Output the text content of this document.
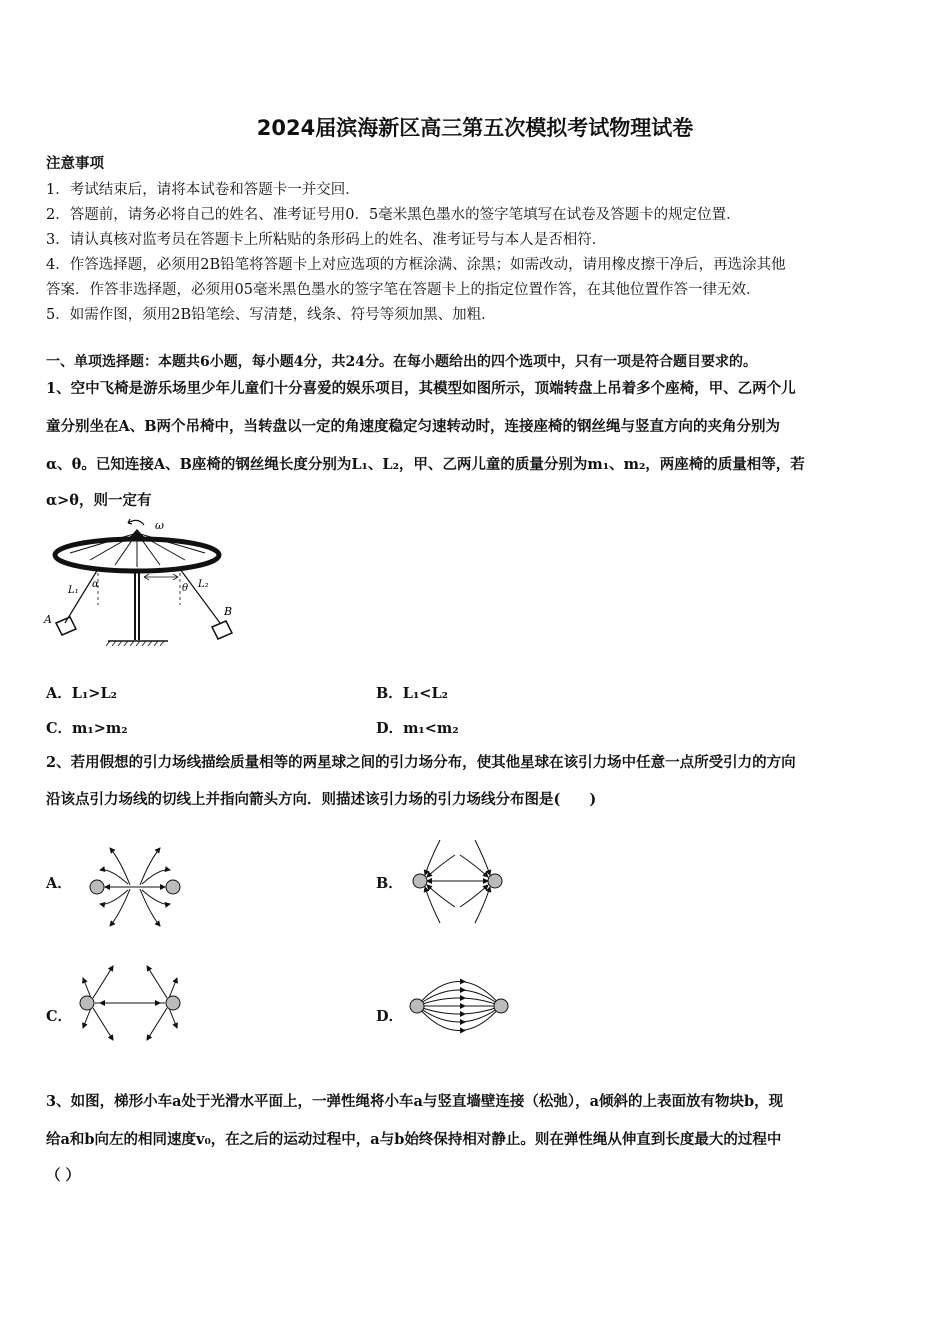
2024届滨海新区高三第五次模拟考试物理试卷
注意事项
1．考试结束后，请将本试卷和答题卡一并交回．
2．答题前，请务必将自己的姓名、准考证号用0．5毫米黑色墨水的签字笔填写在试卷及答题卡的规定位置．
3．请认真核对监考员在答题卡上所粘贴的条形码上的姓名、准考证号与本人是否相符．
4．作答选择题，必须用2B铅笔将答题卡上对应选项的方框涂满、涂黑；如需改动，请用橡皮擦干净后，再选涂其他
答案．作答非选择题，必须用05毫米黑色墨水的签字笔在答题卡上的指定位置作答，在其他位置作答一律无效．
5．如需作图，须用2B铅笔绘、写清楚，线条、符号等须加黑、加粗．
一、单项选择题：本题共6小题，每小题4分，共24分。在每小题给出的四个选项中，只有一项是符合题目要求的。
1、空中飞椅是游乐场里少年儿童们十分喜爱的娱乐项目，其模型如图所示，顶端转盘上吊着多个座椅，甲、乙两个儿
童分别坐在A、B两个吊椅中，当转盘以一定的角速度稳定匀速转动时，连接座椅的钢丝绳与竖直方向的夹角分别为
α、θ。已知连接A、B座椅的钢丝绳长度分别为L₁、L₂，甲、乙两儿童的质量分别为m₁、m₂，两座椅的质量相等，若
α>θ，则一定有
ω
L₁
α	θ L₂
A
B
A．L₁>L₂	B．L₁<L₂
C．m₁>m₂	D．m₁<m₂
2、若用假想的引力场线描绘质量相等的两星球之间的引力场分布，使其他星球在该引力场中任意一点所受引力的方向
沿该点引力场线的切线上并指向箭头方向．则描述该引力场的引力场线分布图是(　　)
A．	B．
C．	D．
3、如图，梯形小车a处于光滑水平面上，一弹性绳将小车a与竖直墙壁连接（松弛），a倾斜的上表面放有物块b，现
给a和b向左的相同速度v₀，在之后的运动过程中，a与b始终保持相对静止。则在弹性绳从伸直到长度最大的过程中
（ ）
